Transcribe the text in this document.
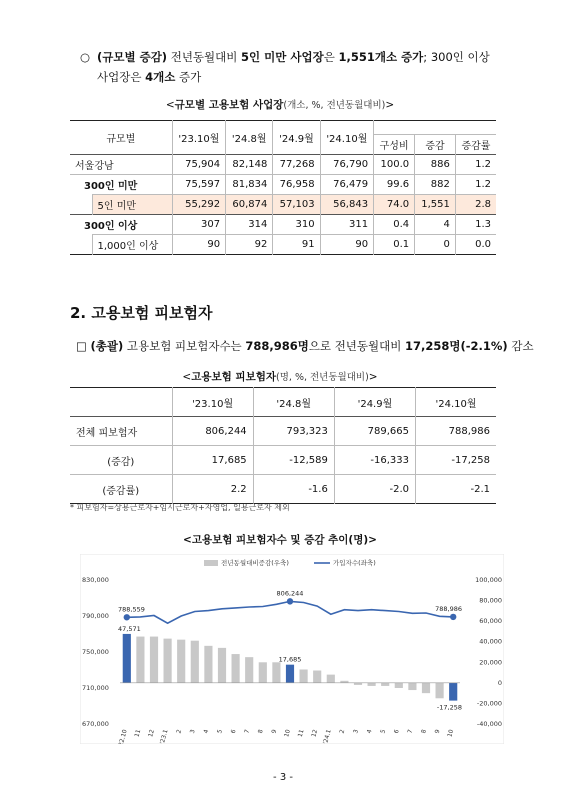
○ (규모별 증감) 전년동월대비 5인 미만 사업장은 1,551개소 증가; 300인 이상 사업장은 4개소 증가
<규모별 고용보험 사업장(개소, %, 전년동월대비)>
규모별		'23.10월	'24.8월	'24.9월	'24.10월			
						구성비	증감	증감률
서울강남		75,904	82,148	77,268	76,790	100.0	886	1.2
300인 미만		75,597	81,834	76,958	76,479	99.6	882	1.2
	5인 미만	55,292	60,874	57,103	56,843	74.0	1,551	2.8
300인 이상		307	314	310	311	0.4	4	1.3
	1,000인 이상	90	92	91	90	0.1	0	0.0
2. 고용보험 피보험자
□ (총괄) 고용보험 피보험자수는 788,986명으로 전년동월대비 17,258명(-2.1%) 감소
<고용보험 피보험자(명, %, 전년동월대비)>
	'23.10월	'24.8월	'24.9월	'24.10월
전체 피보험자	806,244	793,323	789,665	788,986
(증감)	17,685	-12,589	-16,333	-17,258
(증감률)	2.2	-1.6	-2.0	-2.1
* 피보험자=상용근로자+임시근로자+자영업, 일용근로자 제외
<고용보험 피보험자수 및 증감 추이(명)>
830,000
790,000
750,000
710,000
670,000
100,000
80,000
60,000
40,000
20,000
0
-20,000
-40,000
788,559
806,244
788,986
47,571
17,685
-17,258
'22.10 11 12 '23.1 2 3 4 5 6 7 8 9 10 11 12 '24.1 2 3 4 5 6 7 8 9 10
전년동월대비증감(우축)	가입자수(좌축)
- 3 -
